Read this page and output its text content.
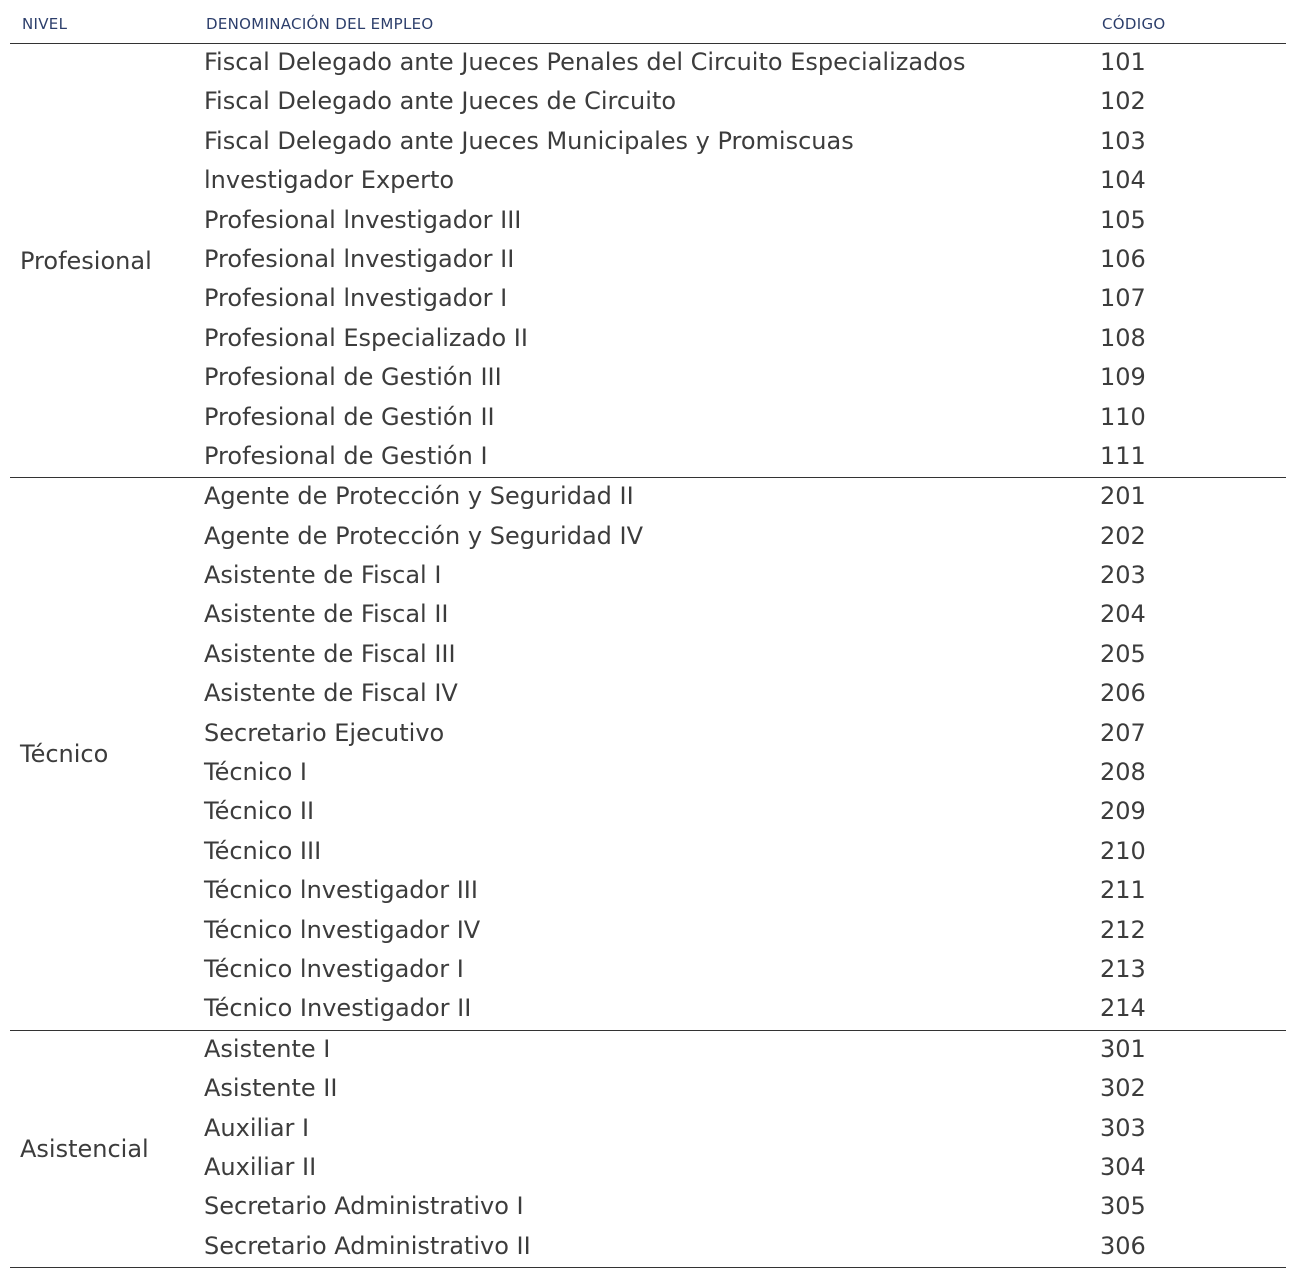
NIVEL	DENOMINACIÓN DEL EMPLEO	CÓDIGO
Profesional
Fiscal Delegado ante Jueces Penales del Circuito Especializados	101
Fiscal Delegado ante Jueces de Circuito	102
Fiscal Delegado ante Jueces Municipales y Promiscuas	103
lnvestigador Experto	104
Profesional lnvestigador III	105
Profesional lnvestigador II	106
Profesional lnvestigador I	107
Profesional Especializado II	108
Profesional de Gestión III	109
Profesional de Gestión II	110
Profesional de Gestión I	111
Técnico
Agente de Protección y Seguridad II	201
Agente de Protección y Seguridad IV	202
Asistente de Fiscal I	203
Asistente de Fiscal II	204
Asistente de Fiscal III	205
Asistente de Fiscal IV	206
Secretario Ejecutivo	207
Técnico I	208
Técnico II	209
Técnico III	210
Técnico lnvestigador III	211
Técnico lnvestigador IV	212
Técnico lnvestigador I	213
Técnico Investigador II	214
Asistencial
Asistente I	301
Asistente II	302
Auxiliar I	303
Auxiliar II	304
Secretario Administrativo I	305
Secretario Administrativo II	306
